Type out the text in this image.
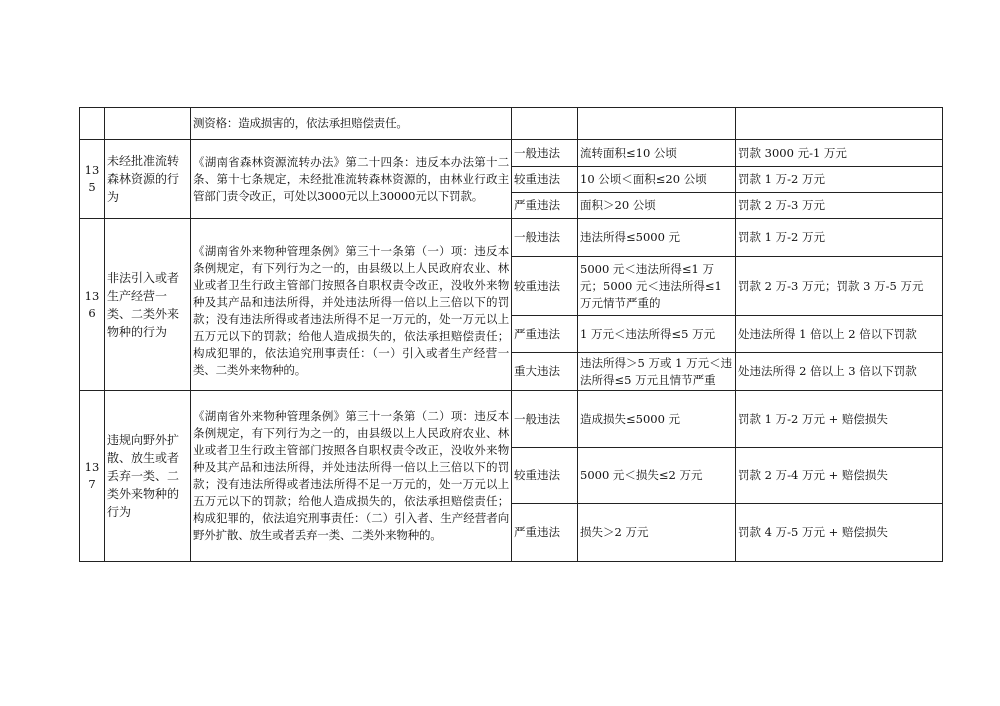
		测资格：造成损害的，依法承担赔偿责任。			
135	未经批准流转森林资源的行为	《湖南省森林资源流转办法》第二十四条：违反本办法第十二条、第十七条规定，未经批准流转森林资源的，由林业行政主管部门责令改正，可处以3000元以上30000元以下罚款。	一般违法	流转面积≤10 公顷	罚款 3000 元-1 万元
			较重违法	10 公顷＜面积≤20 公顷	罚款 1 万-2 万元
			严重违法	面积＞20 公顷	罚款 2 万-3 万元
136	非法引入或者生产经营一类、二类外来物种的行为	《湖南省外来物种管理条例》第三十一条第（一）项：违反本条例规定，有下列行为之一的，由县级以上人民政府农业、林业或者卫生行政主管部门按照各自职权责令改正，没收外来物种及其产品和违法所得，并处违法所得一倍以上三倍以下的罚款；没有违法所得或者违法所得不足一万元的，处一万元以上五万元以下的罚款；给他人造成损失的，依法承担赔偿责任；构成犯罪的，依法追究刑事责任：（一）引入或者生产经营一类、二类外来物种的。	一般违法	违法所得≤5000 元	罚款 1 万-2 万元
			较重违法	5000 元＜违法所得≤1 万元；5000 元＜违法所得≤1 万元情节严重的	罚款 2 万-3 万元；罚款 3 万-5 万元
			严重违法	1 万元＜违法所得≤5 万元	处违法所得 1 倍以上 2 倍以下罚款
			重大违法	违法所得＞5 万或 1 万元＜违法所得≤5 万元且情节严重	处违法所得 2 倍以上 3 倍以下罚款
137	违规向野外扩散、放生或者丢弃一类、二类外来物种的行为	《湖南省外来物种管理条例》第三十一条第（二）项：违反本条例规定，有下列行为之一的，由县级以上人民政府农业、林业或者卫生行政主管部门按照各自职权责令改正，没收外来物种及其产品和违法所得，并处违法所得一倍以上三倍以下的罚款；没有违法所得或者违法所得不足一万元的，处一万元以上五万元以下的罚款；给他人造成损失的，依法承担赔偿责任；构成犯罪的，依法追究刑事责任：（二）引入者、生产经营者向野外扩散、放生或者丢弃一类、二类外来物种的。	一般违法	造成损失≤5000 元	罚款 1 万-2 万元 + 赔偿损失
			较重违法	5000 元＜损失≤2 万元	罚款 2 万-4 万元 + 赔偿损失
			严重违法	损失＞2 万元	罚款 4 万-5 万元 + 赔偿损失
